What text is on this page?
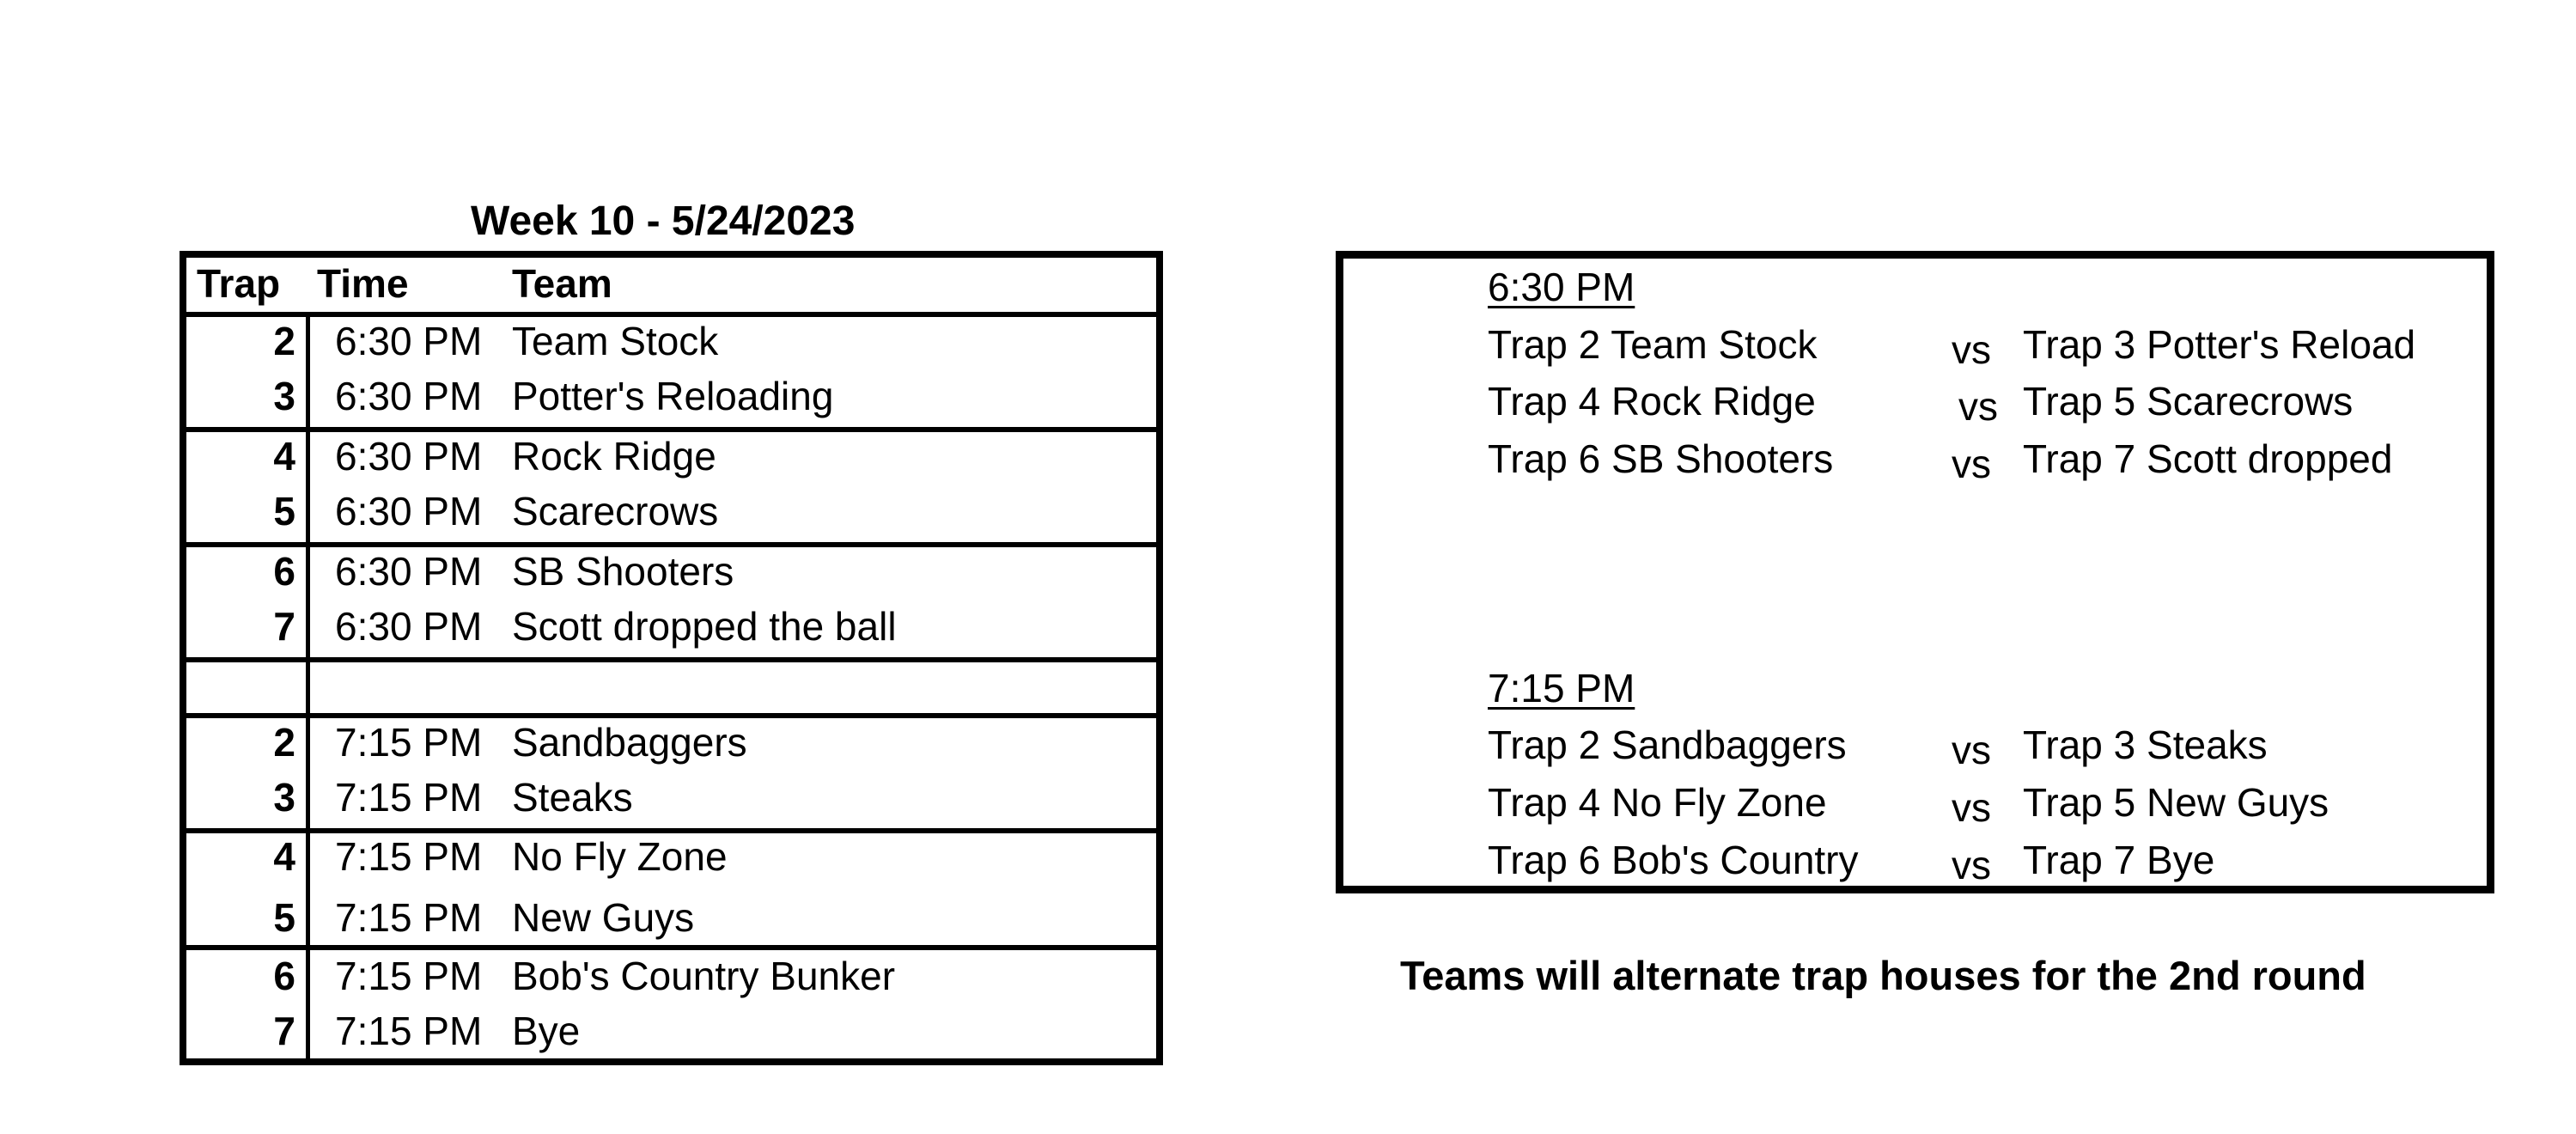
Week 10 - 5/24/2023
Trap Time	Team
2 6:30 PM Team Stock
3 6:30 PM Potter's Reloading
4 6:30 PM Rock Ridge
5 6:30 PM Scarecrows
6 6:30 PM SB Shooters
7 6:30 PM Scott dropped the ball
2 7:15 PM Sandbaggers
3 7:15 PM Steaks
4 7:15 PM No Fly Zone
5 7:15 PM New Guys
6 7:15 PM Bob's Country Bunker
7 7:15 PM Bye
6:30 PM
Trap 2 Team Stock	vs Trap 3 Potter's Reload
Trap 4 Rock Ridge	vs Trap 5 Scarecrows
Trap 6 SB Shooters	vs Trap 7 Scott dropped
7:15 PM
Trap 2 Sandbaggers	vs Trap 3 Steaks
Trap 4 No Fly Zone	vs Trap 5 New Guys
Trap 6 Bob's Country vs Trap 7 Bye
Teams will alternate trap houses for the 2nd round
